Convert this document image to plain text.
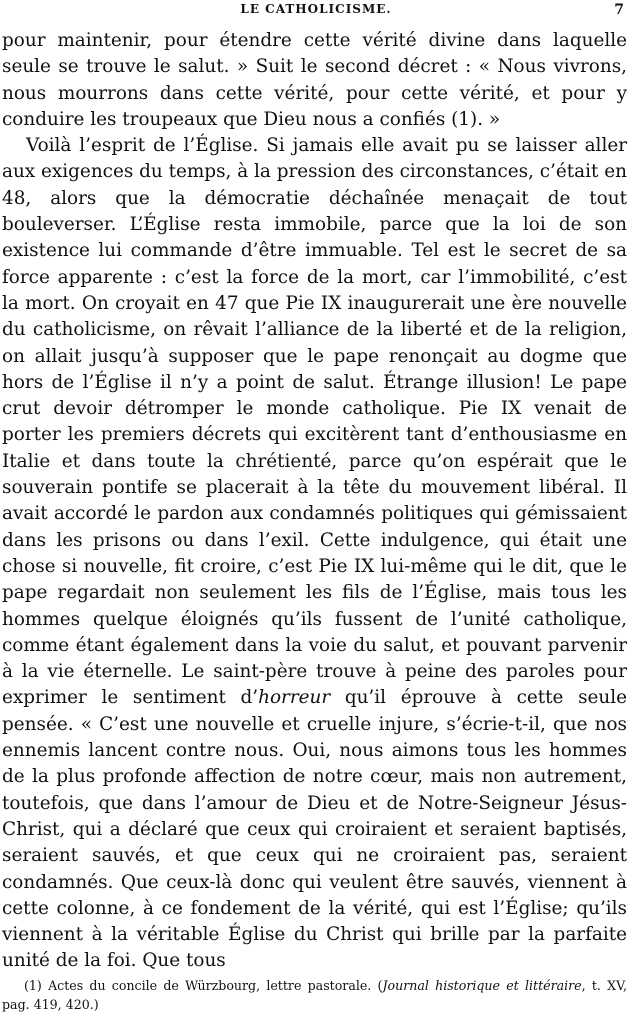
LE CATHOLICISME.	7

pour maintenir, pour étendre cette vérité divine dans laquelle seule se trouve le salut. » Suit le second décret : « Nous vivrons, nous mourrons dans cette vérité, pour cette vérité, et pour y conduire les troupeaux que Dieu nous a confiés (1). »

Voilà l’esprit de l’Église. Si jamais elle avait pu se laisser aller aux exigences du temps, à la pression des circonstances, c’était en 48, alors que la démocratie déchaînée menaçait de tout bouleverser. L’Église resta immobile, parce que la loi de son existence lui commande d’être immuable. Tel est le secret de sa force apparente : c’est la force de la mort, car l’immobilité, c’est la mort. On croyait en 47 que Pie IX inaugurerait une ère nouvelle du catholicisme, on rêvait l’alliance de la liberté et de la religion, on allait jusqu’à supposer que le pape renonçait au dogme que hors de l’Église il n’y a point de salut. Étrange illusion! Le pape crut devoir détromper le monde catholique. Pie IX venait de porter les premiers décrets qui excitèrent tant d’enthousiasme en Italie et dans toute la chrétienté, parce qu’on espérait que le souverain pontife se placerait à la tête du mouvement libéral. Il avait accordé le pardon aux condamnés politiques qui gémissaient dans les prisons ou dans l’exil. Cette indulgence, qui était une chose si nouvelle, fit croire, c’est Pie IX lui-même qui le dit, que le pape regardait non seulement les fils de l’Église, mais tous les hommes quelque éloignés qu’ils fussent de l’unité catholique, comme étant également dans la voie du salut, et pouvant parvenir à la vie éternelle. Le saint-père trouve à peine des paroles pour exprimer le sentiment d’horreur qu’il éprouve à cette seule pensée. « C’est une nouvelle et cruelle injure, s’écrie-t-il, que nos ennemis lancent contre nous. Oui, nous aimons tous les hommes de la plus profonde affection de notre cœur, mais non autrement, toutefois, que dans l’amour de Dieu et de Notre-Seigneur Jésus-Christ, qui a déclaré que ceux qui croiraient et seraient baptisés, seraient sauvés, et que ceux qui ne croiraient pas, seraient condamnés. Que ceux-là donc qui veulent être sauvés, viennent à cette colonne, à ce fondement de la vérité, qui est l’Église; qu’ils viennent à la véritable Église du Christ qui brille par la parfaite unité de la foi. Que tous

(1) Actes du concile de Würzbourg, lettre pastorale. (Journal historique et littéraire, t. XV, pag. 419, 420.)
